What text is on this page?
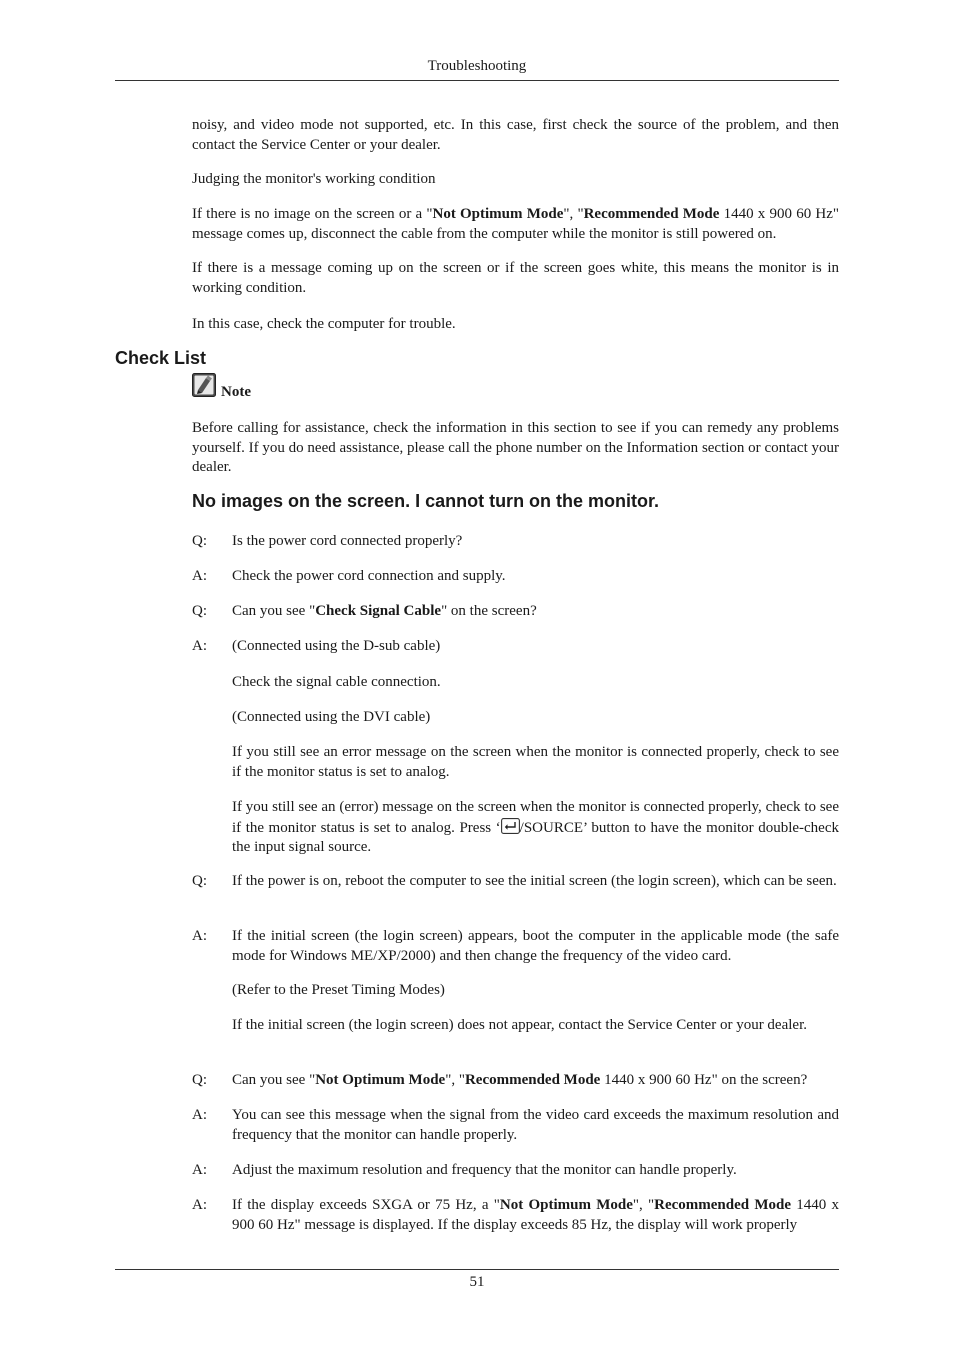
Troubleshooting
noisy, and video mode not supported, etc. In this case, first check the source of the problem, and then contact the Service Center or your dealer.
Judging the monitor's working condition
If there is no image on the screen or a "Not Optimum Mode", "Recommended Mode 1440 x 900 60 Hz" message comes up, disconnect the cable from the computer while the monitor is still powered on.
If there is a message coming up on the screen or if the screen goes white, this means the monitor is in working condition.
In this case, check the computer for trouble.
Check List
Note
Before calling for assistance, check the information in this section to see if you can remedy any problems yourself. If you do need assistance, please call the phone number on the Information section or contact your dealer.
No images on the screen. I cannot turn on the monitor.
Q:	Is the power cord connected properly?
A:	Check the power cord connection and supply.
Q:	Can you see "Check Signal Cable" on the screen?
A:	(Connected using the D-sub cable)
Check the signal cable connection.
(Connected using the DVI cable)
If you still see an error message on the screen when the monitor is connected properly, check to see if the monitor status is set to analog.
If you still see an (error) message on the screen when the monitor is connected properly, check to see if the monitor status is set to analog. Press ‘ /SOURCE’ button to have the monitor double-check the input signal source.
Q:	If the power is on, reboot the computer to see the initial screen (the login screen), which can be seen.
A:	If the initial screen (the login screen) appears, boot the computer in the applicable mode (the safe mode for Windows ME/XP/2000) and then change the frequency of the video card.
(Refer to the Preset Timing Modes)
If the initial screen (the login screen) does not appear, contact the Service Center or your dealer.
Q:	Can you see "Not Optimum Mode", "Recommended Mode 1440 x 900 60 Hz" on the screen?
A:	You can see this message when the signal from the video card exceeds the maximum resolution and frequency that the monitor can handle properly.
A:	Adjust the maximum resolution and frequency that the monitor can handle properly.
A:	If the display exceeds SXGA or 75 Hz, a "Not Optimum Mode", "Recommended Mode 1440 x 900 60 Hz" message is displayed. If the display exceeds 85 Hz, the display will work properly
51
